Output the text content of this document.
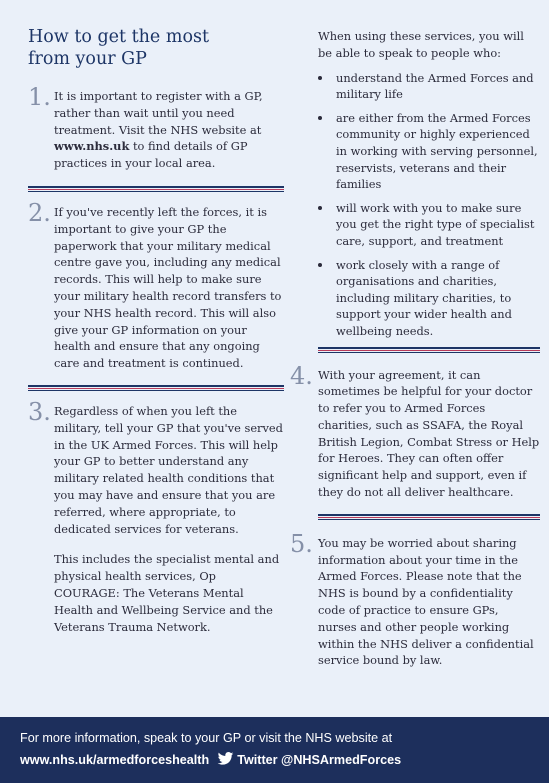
How to get the most
from your GP
1. It is important to register with a GP, rather than wait until you need treatment. Visit the NHS website at www.nhs.uk to find details of GP practices in your local area.

2. If you've recently left the forces, it is important to give your GP the paperwork that your military medical centre gave you, including any medical records. This will help to make sure your military health record transfers to your NHS health record. This will also give your GP information on your health and ensure that any ongoing care and treatment is continued.

3. Regardless of when you left the military, tell your GP that you've served in the UK Armed Forces. This will help your GP to better understand any military related health conditions that you may have and ensure that you are referred, where appropriate, to dedicated services for veterans.

This includes the specialist mental and physical health services, Op COURAGE: The Veterans Mental Health and Wellbeing Service and the Veterans Trauma Network.

When using these services, you will be able to speak to people who:

understand the Armed Forces and military life
are either from the Armed Forces community or highly experienced in working with serving personnel, reservists, veterans and their families
will work with you to make sure you get the right type of specialist care, support, and treatment
work closely with a range of organisations and charities, including military charities, to support your wider health and wellbeing needs.
4. With your agreement, it can sometimes be helpful for your doctor to refer you to Armed Forces charities, such as SSAFA, the Royal British Legion, Combat Stress or Help for Heroes. They can often offer significant help and support, even if they do not all deliver healthcare.

5. You may be worried about sharing information about your time in the Armed Forces. Please note that the NHS is bound by a confidentiality code of practice to ensure GPs, nurses and other people working within the NHS deliver a confidential service bound by law.

For more information, speak to your GP or visit the NHS website at
www.nhs.uk/armedforceshealth Twitter @NHSArmedForces
